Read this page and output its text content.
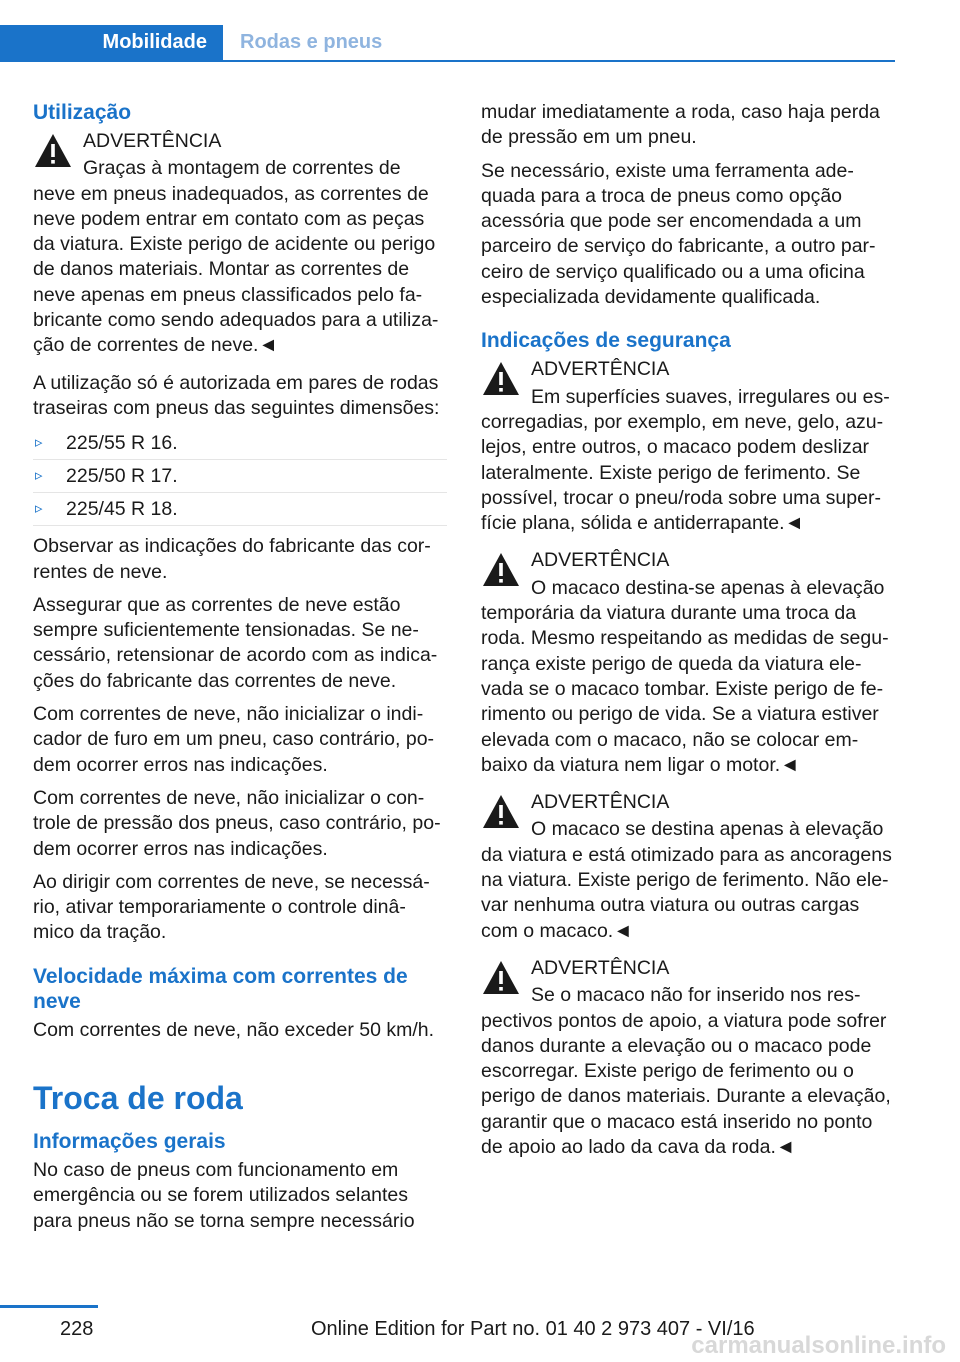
Mobilidade	Rodas e pneus
Utilização
ADVERTÊNCIA
Graças à montagem de correntes de neve em pneus inadequados, as correntes de neve podem entrar em contato com as peças da viatura. Existe perigo de acidente ou perigo de danos materiais. Montar as correntes de neve apenas em pneus classificados pelo fa- bricante como sendo adequados para a utiliza- ção de correntes de neve.◄
A utilização só é autorizada em pares de rodas traseiras com pneus das seguintes dimensões:
▹ 225/55 R 16.
▹ 225/50 R 17.
▹ 225/45 R 18.
Observar as indicações do fabricante das cor- rentes de neve.
Assegurar que as correntes de neve estão sempre suficientemente tensionadas. Se ne- cessário, retensionar de acordo com as indica- ções do fabricante das correntes de neve.
Com correntes de neve, não inicializar o indi- cador de furo em um pneu, caso contrário, po- dem ocorrer erros nas indicações.
Com correntes de neve, não inicializar o con- trole de pressão dos pneus, caso contrário, po- dem ocorrer erros nas indicações.
Ao dirigir com correntes de neve, se necessá- rio, ativar temporariamente o controle dinâ- mico da tração.
Velocidade máxima com correntes de neve
Com correntes de neve, não exceder 50 km/h.
Troca de roda
Informações gerais
No caso de pneus com funcionamento em emergência ou se forem utilizados selantes para pneus não se torna sempre necessário
mudar imediatamente a roda, caso haja perda de pressão em um pneu.
Se necessário, existe uma ferramenta ade- quada para a troca de pneus como opção acessória que pode ser encomendada a um parceiro de serviço do fabricante, a outro par- ceiro de serviço qualificado ou a uma oficina especializada devidamente qualificada.
Indicações de segurança
ADVERTÊNCIA
Em superfícies suaves, irregulares ou es- corregadias, por exemplo, em neve, gelo, azu- lejos, entre outros, o macaco podem deslizar lateralmente. Existe perigo de ferimento. Se possível, trocar o pneu/roda sobre uma super- fície plana, sólida e antiderrapante.◄
ADVERTÊNCIA
O macaco destina-se apenas à elevação temporária da viatura durante uma troca da roda. Mesmo respeitando as medidas de segu- rança existe perigo de queda da viatura ele- vada se o macaco tombar. Existe perigo de fe- rimento ou perigo de vida. Se a viatura estiver elevada com o macaco, não se colocar em- baixo da viatura nem ligar o motor.◄
ADVERTÊNCIA
O macaco se destina apenas à elevação da viatura e está otimizado para as ancoragens na viatura. Existe perigo de ferimento. Não ele- var nenhuma outra viatura ou outras cargas com o macaco.◄
ADVERTÊNCIA
Se o macaco não for inserido nos res- pectivos pontos de apoio, a viatura pode sofrer danos durante a elevação ou o macaco pode escorregar. Existe perigo de ferimento ou o perigo de danos materiais. Durante a elevação, garantir que o macaco está inserido no ponto de apoio ao lado da cava da roda.◄
228	Online Edition for Part no. 01 40 2 973 407 - VI/16
carmanualsonline.info
